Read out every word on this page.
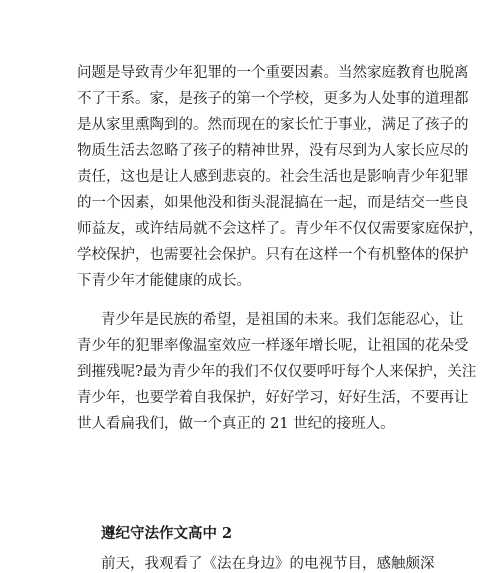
问题是导致青少年犯罪的一个重要因素。当然家庭教育也脱离
不了干系。家，是孩子的第一个学校，更多为人处事的道理都
是从家里熏陶到的。然而现在的家长忙于事业，满足了孩子的
物质生活去忽略了孩子的精神世界，没有尽到为人家长应尽的
责任，这也是让人感到悲哀的。社会生活也是影响青少年犯罪
的一个因素，如果他没和街头混混搞在一起，而是结交一些良
师益友，或许结局就不会这样了。青少年不仅仅需要家庭保护，
学校保护，也需要社会保护。只有在这样一个有机整体的保护
下青少年才能健康的成长。
青少年是民族的希望，是祖国的未来。我们怎能忍心，让
青少年的犯罪率像温室效应一样逐年增长呢，让祖国的花朵受
到摧残呢?最为青少年的我们不仅仅要呼吁每个人来保护，关注
青少年，也要学着自我保护，好好学习，好好生活，不要再让
世人看扁我们，做一个真正的 21 世纪的接班人。
遵纪守法作文高中 2
前天，我观看了《法在身边》的电视节目，感触颇深
